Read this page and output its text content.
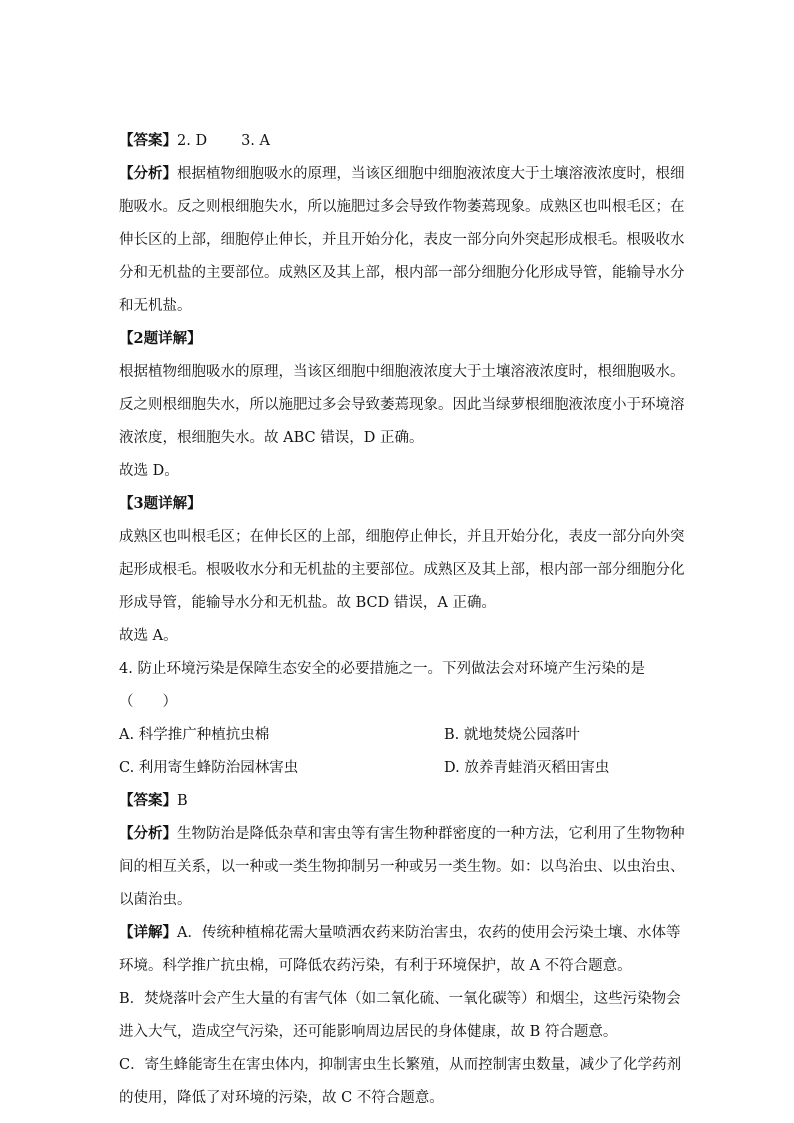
【答案】2. D 3. A
【分析】根据植物细胞吸水的原理，当该区细胞中细胞液浓度大于土壤溶液浓度时，根细
胞吸水。反之则根细胞失水，所以施肥过多会导致作物萎蔫现象。成熟区也叫根毛区；在
伸长区的上部，细胞停止伸长，并且开始分化，表皮一部分向外突起形成根毛。根吸收水
分和无机盐的主要部位。成熟区及其上部，根内部一部分细胞分化形成导管，能输导水分
和无机盐。
【2题详解】
根据植物细胞吸水的原理，当该区细胞中细胞液浓度大于土壤溶液浓度时，根细胞吸水。
反之则根细胞失水，所以施肥过多会导致萎蔫现象。因此当绿萝根细胞液浓度小于环境溶
液浓度，根细胞失水。故 ABC 错误，D 正确。
故选 D。
【3题详解】
成熟区也叫根毛区；在伸长区的上部，细胞停止伸长，并且开始分化，表皮一部分向外突
起形成根毛。根吸收水分和无机盐的主要部位。成熟区及其上部，根内部一部分细胞分化
形成导管，能输导水分和无机盐。故 BCD 错误，A 正确。
故选 A。
4. 防止环境污染是保障生态安全的必要措施之一。下列做法会对环境产生污染的是
（　　）
A. 科学推广种植抗虫棉	B. 就地焚烧公园落叶
C. 利用寄生蜂防治园林害虫	D. 放养青蛙消灭稻田害虫
【答案】B
【分析】生物防治是降低杂草和害虫等有害生物种群密度的一种方法，它利用了生物物种
间的相互关系，以一种或一类生物抑制另一种或另一类生物。如：以鸟治虫、以虫治虫、
以菌治虫。
【详解】A．传统种植棉花需大量喷洒农药来防治害虫，农药的使用会污染土壤、水体等
环境。科学推广抗虫棉，可降低农药污染，有利于环境保护，故 A 不符合题意。
B．焚烧落叶会产生大量的有害气体（如二氧化硫、一氧化碳等）和烟尘，这些污染物会
进入大气，造成空气污染，还可能影响周边居民的身体健康，故 B 符合题意。
C．寄生蜂能寄生在害虫体内，抑制害虫生长繁殖，从而控制害虫数量，减少了化学药剂
的使用，降低了对环境的污染，故 C 不符合题意。
